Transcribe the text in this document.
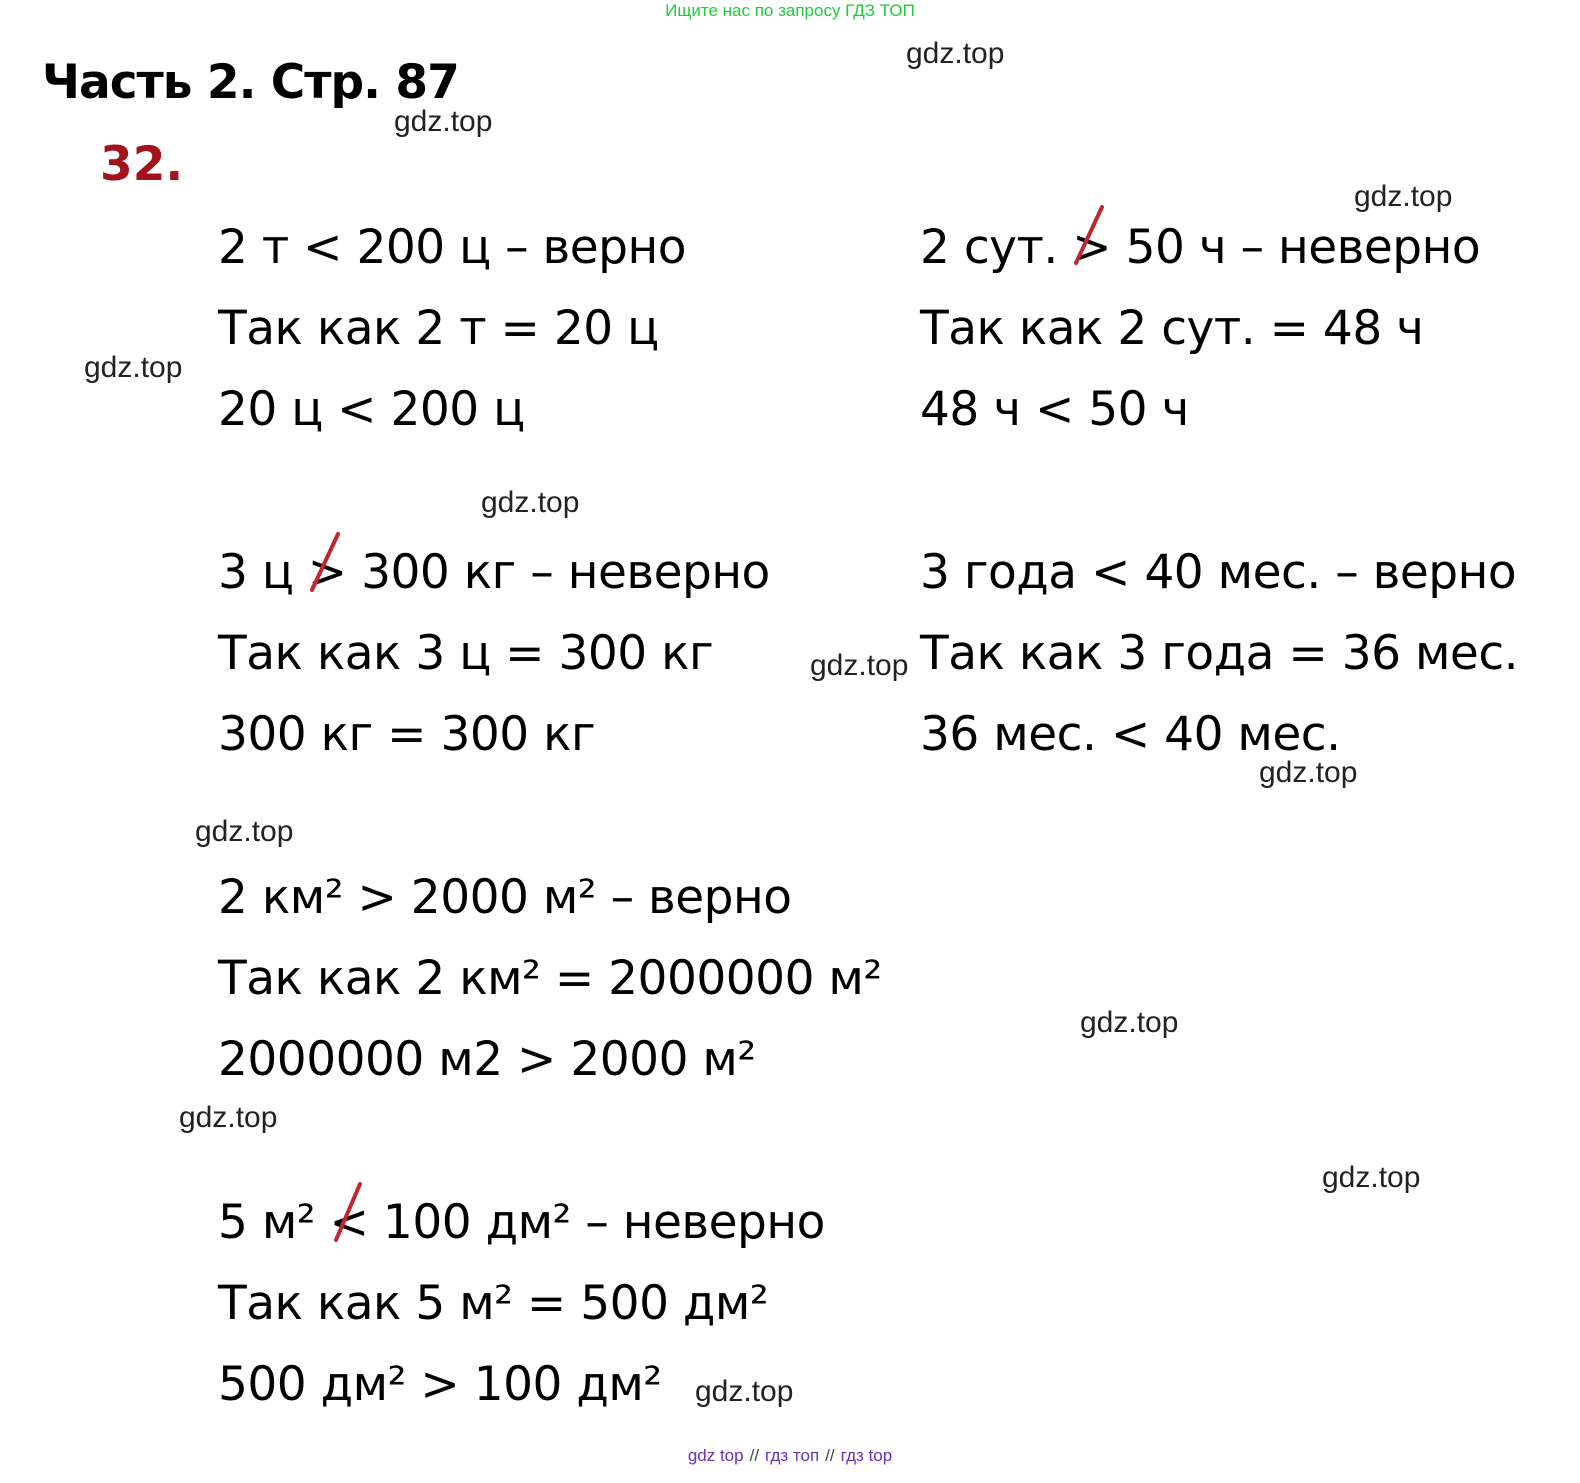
Ищите нас по запросу ГДЗ ТОП
Часть 2. Стр. 87
32.
2 т < 200 ц – верно
Так как 2 т = 20 ц
20 ц < 200 ц
2 сут. >
50 ч – неверно
Так как 2 сут. = 48 ч
48 ч < 50 ч
3 ц >
300 кг – неверно
Так как 3 ц = 300 кг
300 кг = 300 кг
3 года < 40 мес. – верно
Так как 3 года = 36 мес.
36 мес. < 40 мес.
2 км² > 2000 м² – верно
Так как 2 км² = 2000000 м²
2000000 м2 > 2000 м²
5 м² <
100 дм² – неверно
Так как 5 м² = 500 дм²
500 дм² > 100 дм²
gdz.top
gdz.top
gdz.top
gdz.top
gdz.top
gdz.top
gdz.top
gdz.top
gdz.top
gdz.top
gdz.top
gdz.top
gdz top // гдз топ // гдз top
